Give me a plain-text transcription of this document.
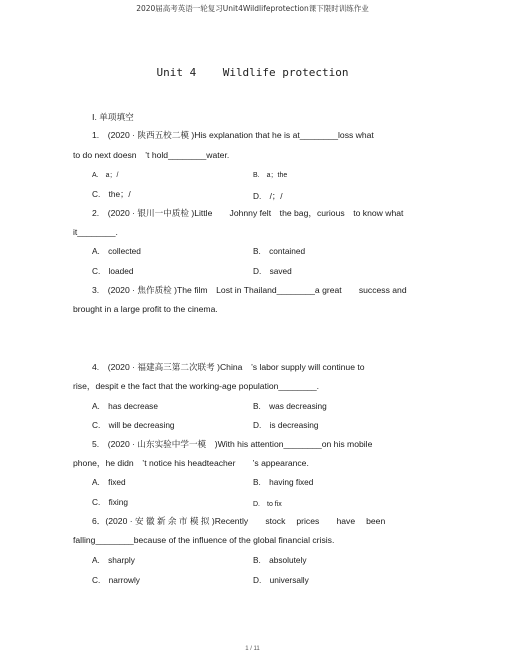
2020届高考英语一轮复习Unit4Wildlifeprotection课下限时训练作业
Unit 4    Wildlife protection
Ⅰ. 单项填空
1.　(2020 · 陕西五校二模 )His explanation that he is at________loss what
to do next doesn　’t hold________water.
A.　a；/	B.　a；the
C.　the；/	D.　/；/
2.　(2020 · 银川一中质检 )Little　　Johnny felt　the bag，curious　to know what
it________.
A.　collected	B.　contained
C.　loaded	D.　saved
3.　(2020 · 焦作质检 )The film　Lost in Thailand________a great　　success and
brought in a large profit to the cinema.
4.　(2020 · 福建高三第二次联考 )China　’s labor supply will continue to
rise，despit e the fact that the working-age population________.
A.　has decrease	B.　was decreasing
C.　will be decreasing	D.　is decreasing
5.　(2020 · 山东实验中学一模　)With his attention________on his mobile
phone，he didn　’t notice his headteacher　　’s appearance.
A.　fixed	B.　having fixed
C.　fixing	D.　to fix
6．(2020 · 安 徽 新 余 市 模 拟 )Recently　　stock　 prices　　have　 been
falling________because of the influence of the global financial crisis.
A.　sharply	B.　absolutely
C.　narrowly	D.　universally
1 / 11
